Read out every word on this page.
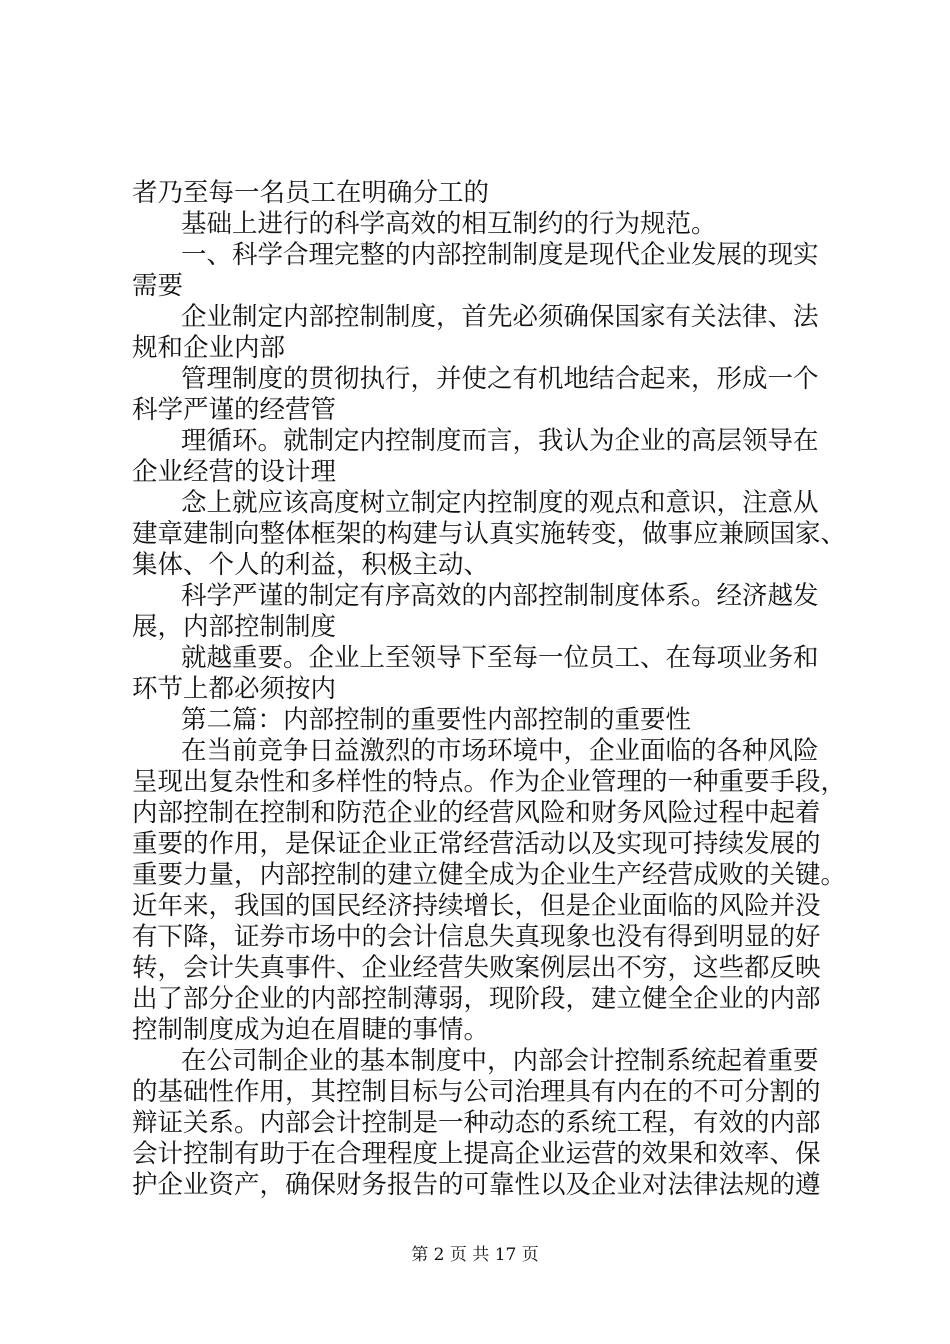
者乃至每一名员工在明确分工的
基础上进行的科学高效的相互制约的行为规范。
一、科学合理完整的内部控制制度是现代企业发展的现实
需要
企业制定内部控制制度，首先必须确保国家有关法律、法
规和企业内部
管理制度的贯彻执行，并使之有机地结合起来，形成一个
科学严谨的经营管
理循环。就制定内控制度而言，我认为企业的高层领导在
企业经营的设计理
念上就应该高度树立制定内控制度的观点和意识，注意从
建章建制向整体框架的构建与认真实施转变，做事应兼顾国家、
集体、个人的利益，积极主动、
科学严谨的制定有序高效的内部控制制度体系。经济越发
展，内部控制制度
就越重要。企业上至领导下至每一位员工、在每项业务和
环节上都必须按内
第二篇：内部控制的重要性内部控制的重要性
在当前竞争日益激烈的市场环境中，企业面临的各种风险
呈现出复杂性和多样性的特点。作为企业管理的一种重要手段，
内部控制在控制和防范企业的经营风险和财务风险过程中起着
重要的作用，是保证企业正常经营活动以及实现可持续发展的
重要力量，内部控制的建立健全成为企业生产经营成败的关键。
近年来，我国的国民经济持续增长，但是企业面临的风险并没
有下降，证券市场中的会计信息失真现象也没有得到明显的好
转，会计失真事件、企业经营失败案例层出不穷，这些都反映
出了部分企业的内部控制薄弱，现阶段，建立健全企业的内部
控制制度成为迫在眉睫的事情。
在公司制企业的基本制度中，内部会计控制系统起着重要
的基础性作用，其控制目标与公司治理具有内在的不可分割的
辩证关系。内部会计控制是一种动态的系统工程，有效的内部
会计控制有助于在合理程度上提高企业运营的效果和效率、保
护企业资产，确保财务报告的可靠性以及企业对法律法规的遵
第 2 页 共 17 页
